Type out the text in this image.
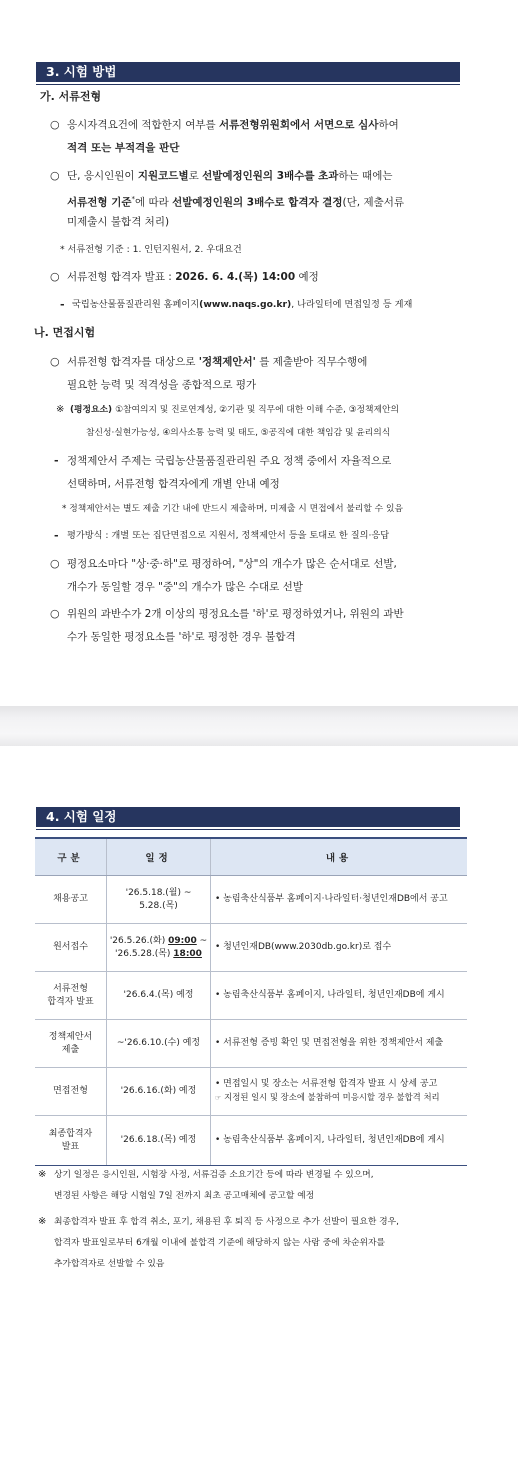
3. 시험 방법
가. 서류전형
○ 응시자격요건에 적합한지 여부를 서류전형위원회에서 서면으로 심사하여
적격 또는 부적격을 판단
○ 단, 응시인원이 지원코드별로 선발예정인원의 3배수를 초과하는 때에는
서류전형 기준*에 따라 선발예정인원의 3배수로 합격자 결정(단, 제출서류
미제출시 불합격 처리)
* 서류전형 기준 : 1. 인턴지원서, 2. 우대요건
○ 서류전형 합격자 발표 : 2026. 6. 4.(목) 14:00 예정
- 국립농산물품질관리원 홈페이지(www.naqs.go.kr), 나라일터에 면접일정 등 게재
나. 면접시험
○ 서류전형 합격자를 대상으로 '정책제안서' 를 제출받아 직무수행에
필요한 능력 및 적격성을 종합적으로 평가
※ (평정요소) ①참여의지 및 진로연계성, ②기관 및 직무에 대한 이해 수준, ③정책제안의
참신성·실현가능성, ④의사소통 능력 및 태도, ⑤공직에 대한 책임감 및 윤리의식
- 정책제안서 주제는 국립농산물품질관리원 주요 정책 중에서 자율적으로
선택하며, 서류전형 합격자에게 개별 안내 예정
* 정책제안서는 별도 제출 기간 내에 반드시 제출하며, 미제출 시 면접에서 불리할 수 있음
- 평가방식 : 개별 또는 집단면접으로 지원서, 정책제안서 등을 토대로 한 질의·응답
○ 평정요소마다 "상·중·하"로 평정하여, "상"의 개수가 많은 순서대로 선발,
개수가 동일할 경우 "중"의 개수가 많은 수대로 선발
○ 위원의 과반수가 2개 이상의 평정요소를 '하'로 평정하였거나, 위원의 과반
수가 동일한 평정요소를 '하'로 평정한 경우 불합격
4. 시험 일정
구분	일정	내용
채용공고	'26.5.18.(월) ~
5.28.(목)	• 농림축산식품부 홈페이지·나라일터·청년인재DB에서 공고
원서접수	'26.5.26.(화) 09:00 ~
'26.5.28.(목) 18:00	• 청년인재DB(www.2030db.go.kr)로 접수
서류전형
합격자 발표	'26.6.4.(목) 예정	• 농림축산식품부 홈페이지, 나라일터, 청년인재DB에 게시
정책제안서
제출	~'26.6.10.(수) 예정	• 서류전형 증빙 확인 및 면접전형을 위한 정책제안서 제출
면접전형	'26.6.16.(화) 예정	• 면접일시 및 장소는 서류전형 합격자 발표 시 상세 공고
☞ 지정된 일시 및 장소에 불참하여 미응시할 경우 불합격 처리
최종합격자
발표	'26.6.18.(목) 예정	• 농림축산식품부 홈페이지, 나라일터, 청년인재DB에 게시
※ 상기 일정은 응시인원, 시험장 사정, 서류검증 소요기간 등에 따라 변경될 수 있으며,
변경된 사항은 해당 시험일 7일 전까지 최초 공고매체에 공고할 예정
※ 최종합격자 발표 후 합격 취소, 포기, 채용된 후 퇴직 등 사정으로 추가 선발이 필요한 경우,
합격자 발표일로부터 6개월 이내에 불합격 기준에 해당하지 않는 사람 중에 차순위자를
추가합격자로 선발할 수 있음
